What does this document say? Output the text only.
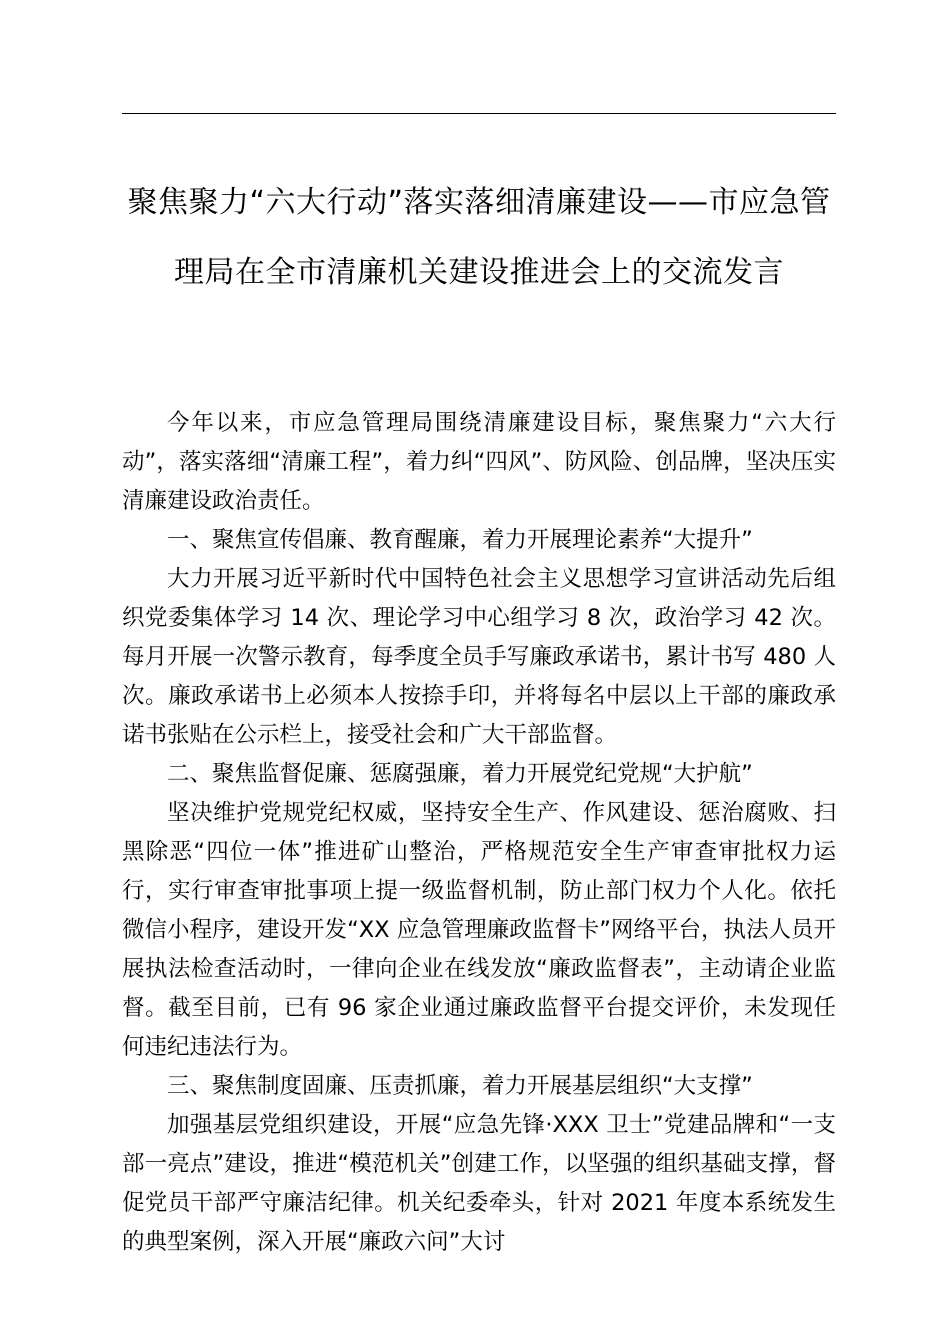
聚焦聚力“六大行动”落实落细清廉建设——市应急管理局在全市清廉机关建设推进会上的交流发言

今年以来，市应急管理局围绕清廉建设目标，聚焦聚力“六大行动”，落实落细“清廉工程”，着力纠“四风”、防风险、创品牌，坚决压实清廉建设政治责任。

一、聚焦宣传倡廉、教育醒廉，着力开展理论素养“大提升”

大力开展习近平新时代中国特色社会主义思想学习宣讲活动先后组织党委集体学习 14 次、理论学习中心组学习 8 次，政治学习 42 次。每月开展一次警示教育，每季度全员手写廉政承诺书，累计书写 480 人次。廉政承诺书上必须本人按捺手印，并将每名中层以上干部的廉政承诺书张贴在公示栏上，接受社会和广大干部监督。

二、聚焦监督促廉、惩腐强廉，着力开展党纪党规“大护航”

坚决维护党规党纪权威，坚持安全生产、作风建设、惩治腐败、扫黑除恶“四位一体”推进矿山整治，严格规范安全生产审查审批权力运行，实行审查审批事项上提一级监督机制，防止部门权力个人化。依托微信小程序，建设开发“XX 应急管理廉政监督卡”网络平台，执法人员开展执法检查活动时，一律向企业在线发放“廉政监督表”，主动请企业监督。截至目前，已有 96 家企业通过廉政监督平台提交评价，未发现任何违纪违法行为。

三、聚焦制度固廉、压责抓廉，着力开展基层组织“大支撑”

加强基层党组织建设，开展“应急先锋·XXX 卫士”党建品牌和“一支部一亮点”建设，推进“模范机关”创建工作，以坚强的组织基础支撑，督促党员干部严守廉洁纪律。机关纪委牵头，针对 2021 年度本系统发生的典型案例，深入开展“廉政六问”大讨
